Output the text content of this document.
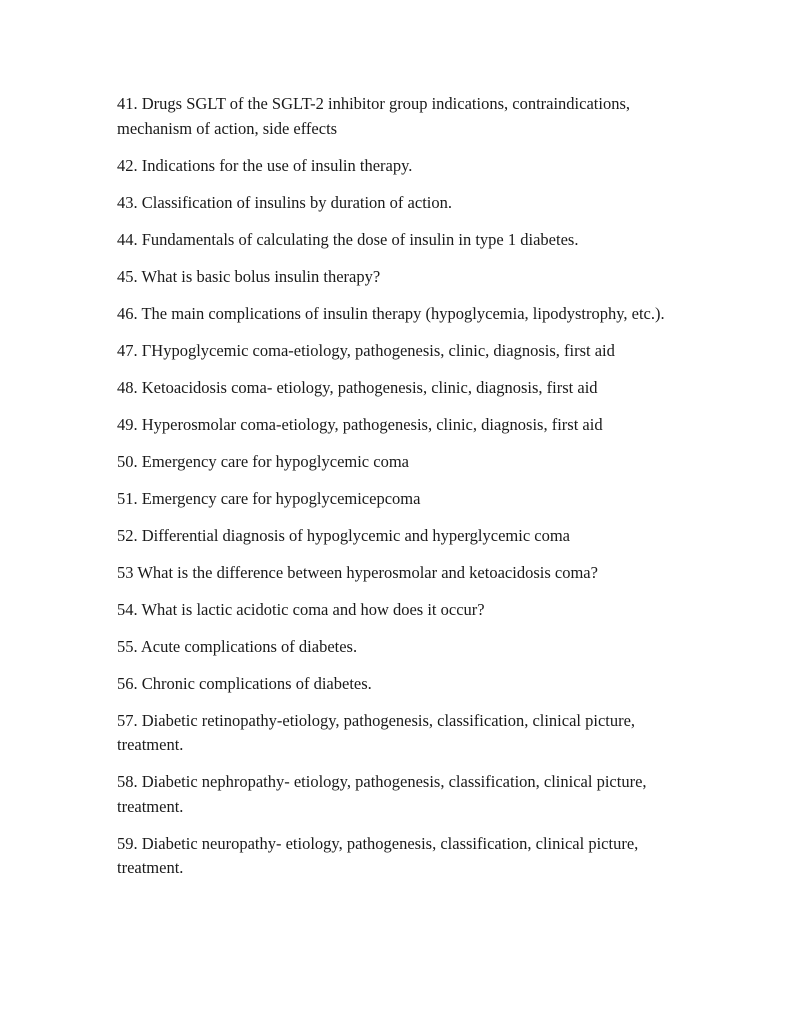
41. Drugs SGLT of the SGLT-2 inhibitor group indications, contraindications, mechanism of action, side effects
42. Indications for the use of insulin therapy.
43. Classification of insulins by duration of action.
44. Fundamentals of calculating the dose of insulin in type 1 diabetes.
45. What is basic bolus insulin therapy?
46. The main complications of insulin therapy (hypoglycemia, lipodystrophy, etc.).
47. ΓHypoglycemic coma-etiology, pathogenesis, clinic, diagnosis, first aid
48. Ketoacidosis coma- etiology, pathogenesis, clinic, diagnosis, first aid
49. Hyperosmolar coma-etiology, pathogenesis, clinic, diagnosis, first aid
50. Emergency care for hypoglycemic coma
51. Emergency care for hypoglycemicepcoma
52. Differential diagnosis of hypoglycemic and hyperglycemic coma
53 What is the difference between hyperosmolar and ketoacidosis coma?
54. What is lactic acidotic coma and how does it occur?
55. Acute complications of diabetes.
56. Chronic complications of diabetes.
57. Diabetic retinopathy-etiology, pathogenesis, classification, clinical picture, treatment.
58. Diabetic nephropathy- etiology, pathogenesis, classification, clinical picture, treatment.
59. Diabetic neuropathy- etiology, pathogenesis, classification, clinical picture, treatment.
